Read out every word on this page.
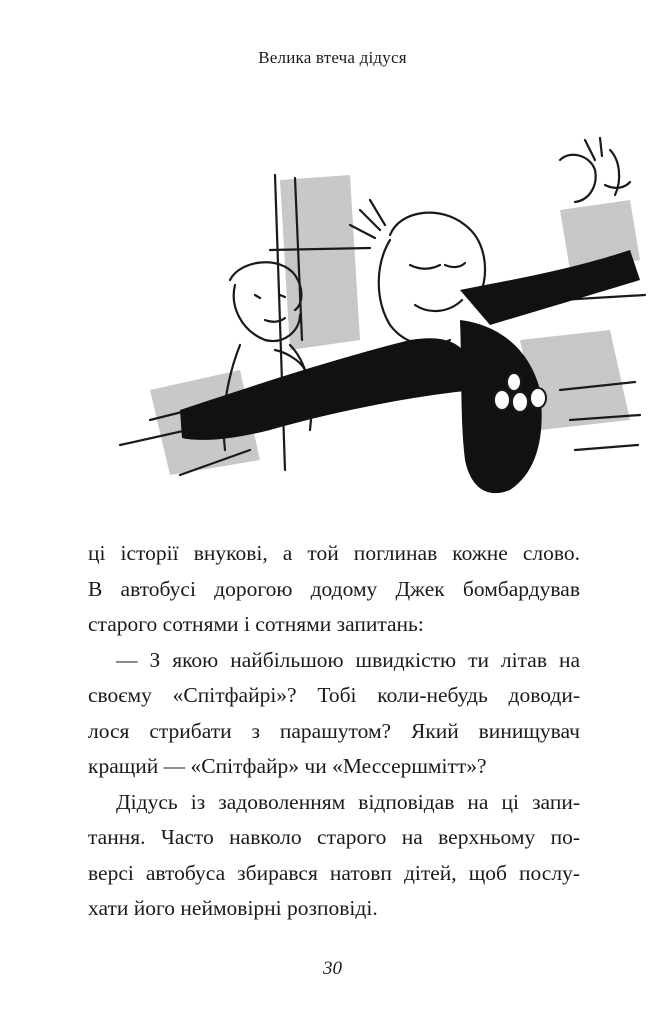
Велика втеча дідуся
ці історії внукові, а той поглинав кожне слово.
В автобусі дорогою додому Джек бомбардував
старого сотнями і сотнями запитань:
— З якою найбільшою швидкістю ти літав на
своєму «Спітфайрі»? Тобі коли-небудь доводи-
лося стрибати з парашутом? Який винищувач
кращий — «Спітфайр» чи «Мессершмітт»?
Дідусь із задоволенням відповідав на ці запи-
тання. Часто навколо старого на верхньому по-
версі автобуса збирався натовп дітей, щоб послу-
хати його неймовірні розповіді.
30
